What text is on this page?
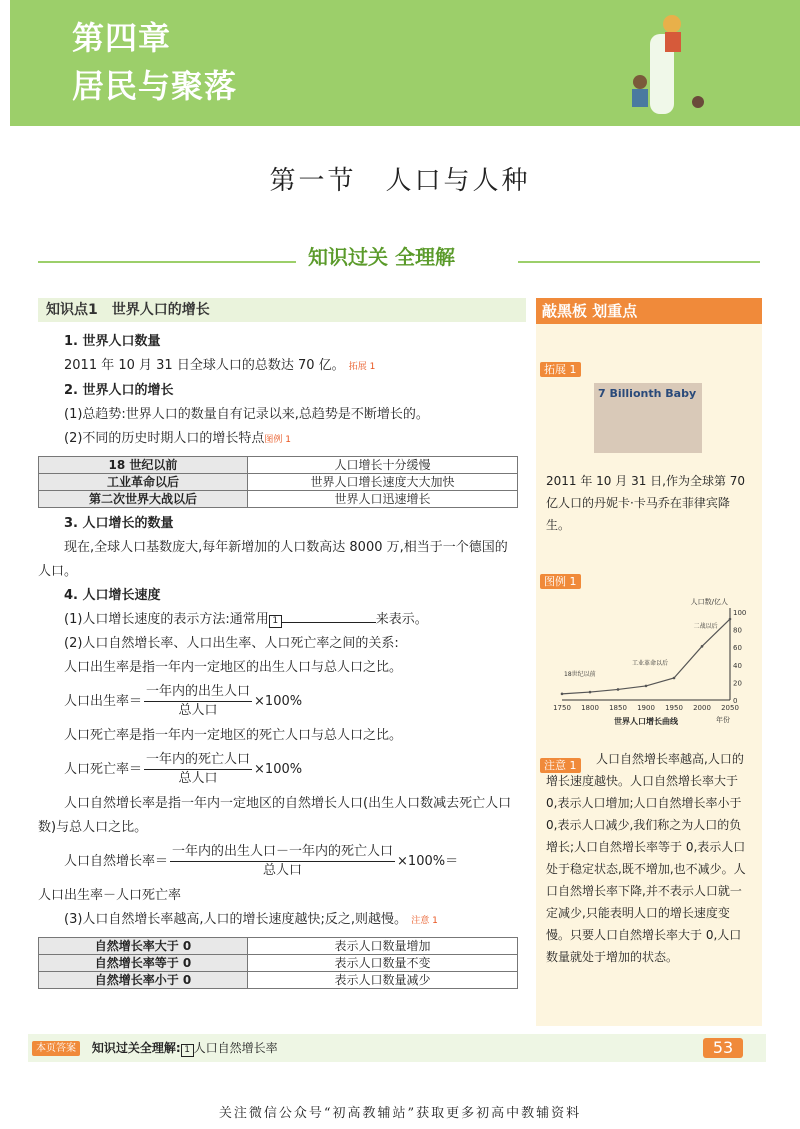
第四章
居民与聚落
第一节　人口与人种
知识过关 全理解
知识点1　世界人口的增长
1. 世界人口数量
2011 年 10 月 31 日全球人口的总数达 70 亿。 拓展 1
2. 世界人口的增长
(1)总趋势:世界人口的数量自有记录以来,总趋势是不断增长的。
(2)不同的历史时期人口的增长特点图例 1
18 世纪以前	人口增长十分缓慢
工业革命以后	世界人口增长速度大大加快
第二次世界大战以后	世界人口迅速增长
3. 人口增长的数量
现在,全球人口基数庞大,每年新增加的人口数高达 8000 万,相当于一个德国的人口。
4. 人口增长速度
(1)人口增长速度的表示方法:通常用 1	来表示。
(2)人口自然增长率、人口出生率、人口死亡率之间的关系:
人口出生率是指一年内一定地区的出生人口与总人口之比。
人口出生率＝ $\frac{\text{一年内的出生人口}}{\text{总人口}} \times 100\%$
人口死亡率是指一年内一定地区的死亡人口与总人口之比。
人口死亡率＝ $\frac{\text{一年内的死亡人口}}{\text{总人口}} \times 100\%$
人口自然增长率是指一年内一定地区的自然增长人口(出生人口数减去死亡人口数)与总人口之比。
人口自然增长率＝ $\frac{\text{一年内的出生人口－一年内的死亡人口}}{\text{总人口}} \times 100\%=$
人口出生率－人口死亡率
(3)人口自然增长率越高,人口的增长速度越快;反之,则越慢。 注意 1
自然增长率大于 0	表示人口数量增加
自然增长率等于 0	表示人口数量不变
自然增长率小于 0	表示人口数量减少
敲黑板 划重点
拓展 1
7 Billionth Baby
2011 年 10 月 31 日,作为全球第 70 亿人口的丹妮卡·卡马乔在菲律宾降生。
图例 1
1750 1800 1850 1900 1950 2000 2050
0
20
40
60
80
100
人口数/亿人
年份
世界人口增长曲线
18世纪以前
工业革命以后
二战以后
注意 1	人口自然增长率越高,人口的增长速度越快。人口自然增长率大于 0,表示人口增加;人口自然增长率小于 0,表示人口减少,我们称之为人口的负增长;人口自然增长率等于 0,表示人口处于稳定状态,既不增加,也不减少。人口自然增长率下降,并不表示人口就一定减少,只能表明人口的增长速度变慢。只要人口自然增长率大于 0,人口数量就处于增加的状态。
本页答案 知识过关全理解: 1 人口自然增长率	53
关注微信公众号“初高教辅站”获取更多初高中教辅资料
